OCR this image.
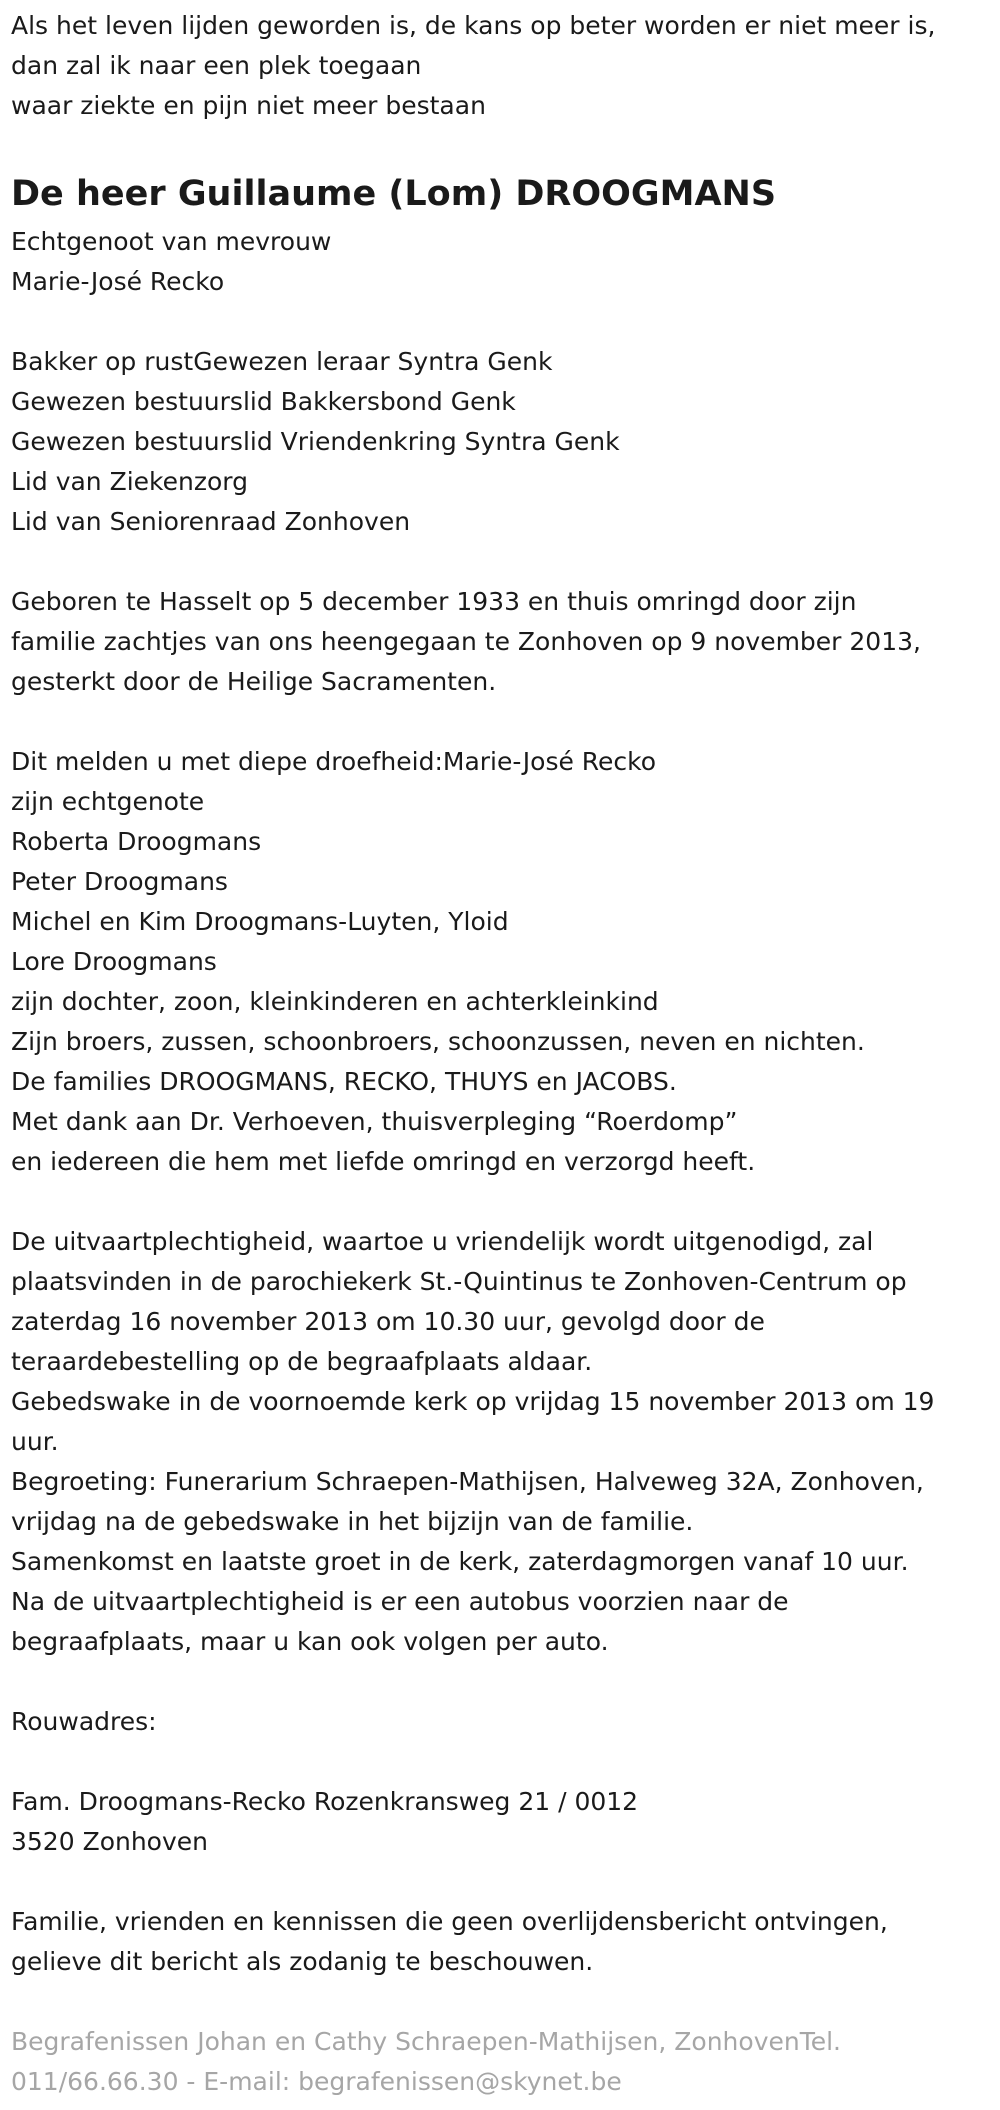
Als het leven lijden geworden is, de kans op beter worden er niet meer is,
dan zal ik naar een plek toegaan
waar ziekte en pijn niet meer bestaan
De heer Guillaume (Lom) DROOGMANS
Echtgenoot van mevrouw
Marie-José Recko
Bakker op rustGewezen leraar Syntra Genk
Gewezen bestuurslid Bakkersbond Genk
Gewezen bestuurslid Vriendenkring Syntra Genk
Lid van Ziekenzorg
Lid van Seniorenraad Zonhoven
Geboren te Hasselt op 5 december 1933 en thuis omringd door zijn
familie zachtjes van ons heengegaan te Zonhoven op 9 november 2013,
gesterkt door de Heilige Sacramenten.
Dit melden u met diepe droefheid:Marie-José Recko
zijn echtgenote
Roberta Droogmans
Peter Droogmans
Michel en Kim Droogmans-Luyten, Yloid
Lore Droogmans
zijn dochter, zoon, kleinkinderen en achterkleinkind
Zijn broers, zussen, schoonbroers, schoonzussen, neven en nichten.
De families DROOGMANS, RECKO, THUYS en JACOBS.
Met dank aan Dr. Verhoeven, thuisverpleging “Roerdomp”
en iedereen die hem met liefde omringd en verzorgd heeft.
De uitvaartplechtigheid, waartoe u vriendelijk wordt uitgenodigd, zal
plaatsvinden in de parochiekerk St.-Quintinus te Zonhoven-Centrum op
zaterdag 16 november 2013 om 10.30 uur, gevolgd door de
teraardebestelling op de begraafplaats aldaar.
Gebedswake in de voornoemde kerk op vrijdag 15 november 2013 om 19
uur.
Begroeting: Funerarium Schraepen-Mathijsen, Halveweg 32A, Zonhoven,
vrijdag na de gebedswake in het bijzijn van de familie.
Samenkomst en laatste groet in de kerk, zaterdagmorgen vanaf 10 uur.
Na de uitvaartplechtigheid is er een autobus voorzien naar de
begraafplaats, maar u kan ook volgen per auto.
Rouwadres:
Fam. Droogmans-Recko Rozenkransweg 21 / 0012
3520 Zonhoven
Familie, vrienden en kennissen die geen overlijdensbericht ontvingen,
gelieve dit bericht als zodanig te beschouwen.
Begrafenissen Johan en Cathy Schraepen-Mathijsen, ZonhovenTel.
011/66.66.30 - E-mail: begrafenissen@skynet.be
